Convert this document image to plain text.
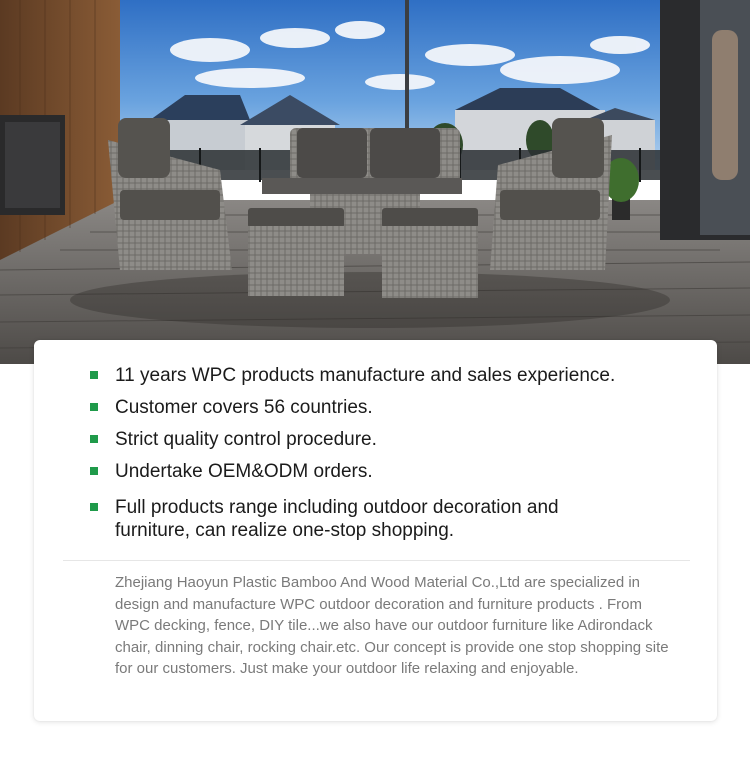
11 years WPC products manufacture and sales experience.
Customer covers 56 countries.
Strict quality control procedure.
Undertake OEM&ODM orders.
Full products range including outdoor decoration and furniture, can realize one-stop shopping.

Zhejiang Haoyun Plastic Bamboo And Wood Material Co.,Ltd are specialized in design and manufacture WPC outdoor decoration and furniture products . From WPC decking, fence, DIY tile...we also have our outdoor furniture like Adirondack chair, dinning chair, rocking chair.etc. Our concept is provide one stop shopping site for our customers. Just make your outdoor life relaxing and enjoyable.
